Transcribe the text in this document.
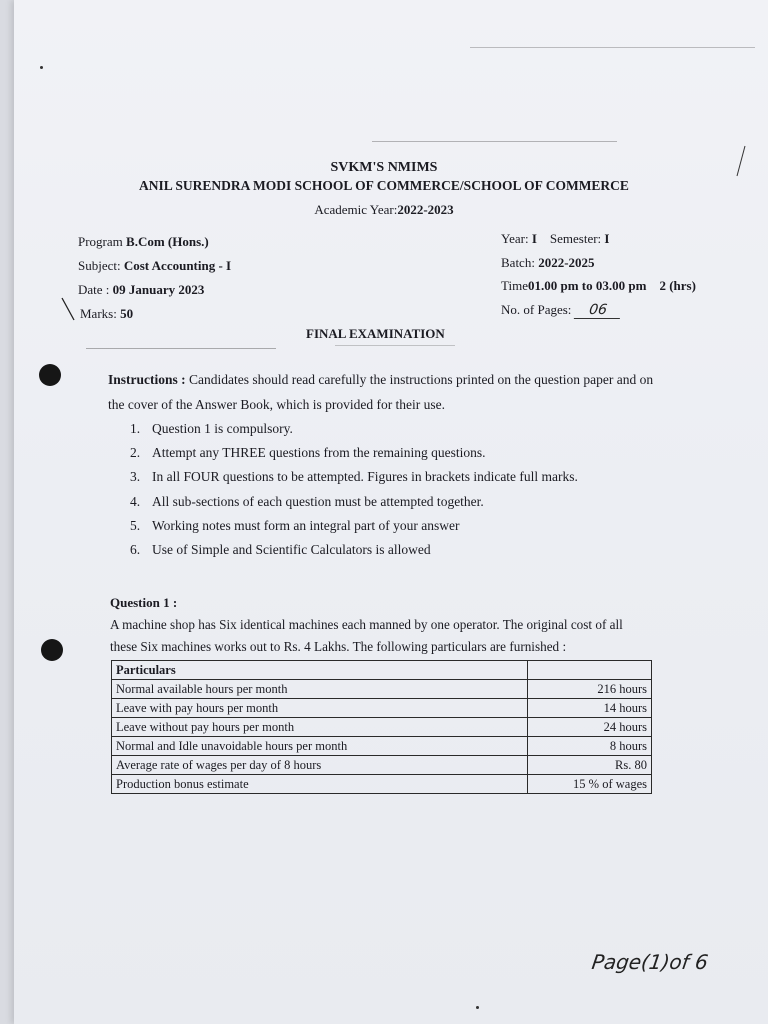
SVKM'S NMIMS
ANIL SURENDRA MODI SCHOOL OF COMMERCE/SCHOOL OF COMMERCE
Academic Year:2022-2023
Program B.Com (Hons.)
Subject: Cost Accounting - I
Date : 09 January 2023
Marks: 50
Year: I Semester: I
Batch: 2022-2025
Time01.00 pm to 03.00 pm 2 (hrs)
No. of Pages: 06
FINAL EXAMINATION
Instructions : Candidates should read carefully the instructions printed on the question paper and on
the cover of the Answer Book, which is provided for their use.
1. Question 1 is compulsory.
2. Attempt any THREE questions from the remaining questions.
3. In all FOUR questions to be attempted. Figures in brackets indicate full marks.
4. All sub-sections of each question must be attempted together.
5. Working notes must form an integral part of your answer
6. Use of Simple and Scientific Calculators is allowed
Question 1 :
A machine shop has Six identical machines each manned by one operator. The original cost of all
these Six machines works out to Rs. 4 Lakhs. The following particulars are furnished :
Particulars	
Normal available hours per month	216 hours
Leave with pay hours per month	14 hours
Leave without pay hours per month	24 hours
Normal and Idle unavoidable hours per month	8 hours
Average rate of wages per day of 8 hours	Rs. 80
Production bonus estimate	15 % of wages
Page(1)of 6
